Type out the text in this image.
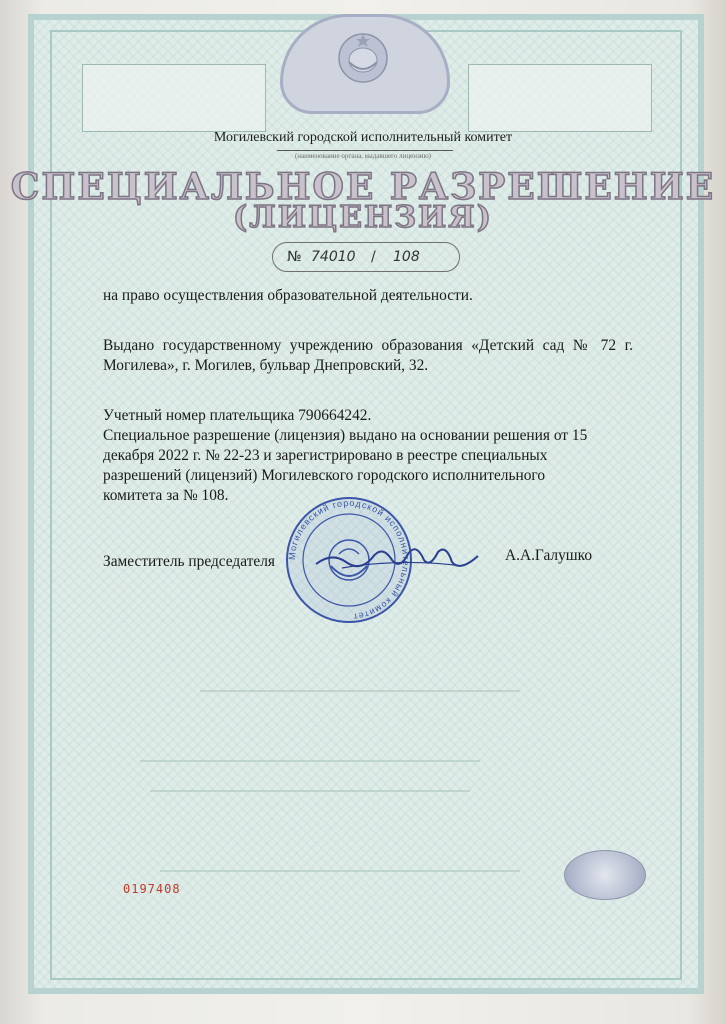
Могилевский городской исполнительный комитет
(наименование органа, выдавшего лицензию)
СПЕЦИАЛЬНОЕ РАЗРЕШЕНИЕ
(ЛИЦЕНЗИЯ)
№ 74010 / 108
на право осуществления образовательной деятельности.
Выдано государственному учреждению образования «Детский сад № 72 г. Могилева», г. Могилев, бульвар Днепровский, 32.
Учетный номер плательщика 790664242.
Специальное разрешение (лицензия) выдано на основании решения от 15 декабря 2022 г. № 22-23 и зарегистрировано в реестре специальных разрешений (лицензий) Могилевского городского исполнительного комитета за № 108.
Могилевский городской исполнительный комитет
Заместитель председателя	А.А.Галушко
0197408
